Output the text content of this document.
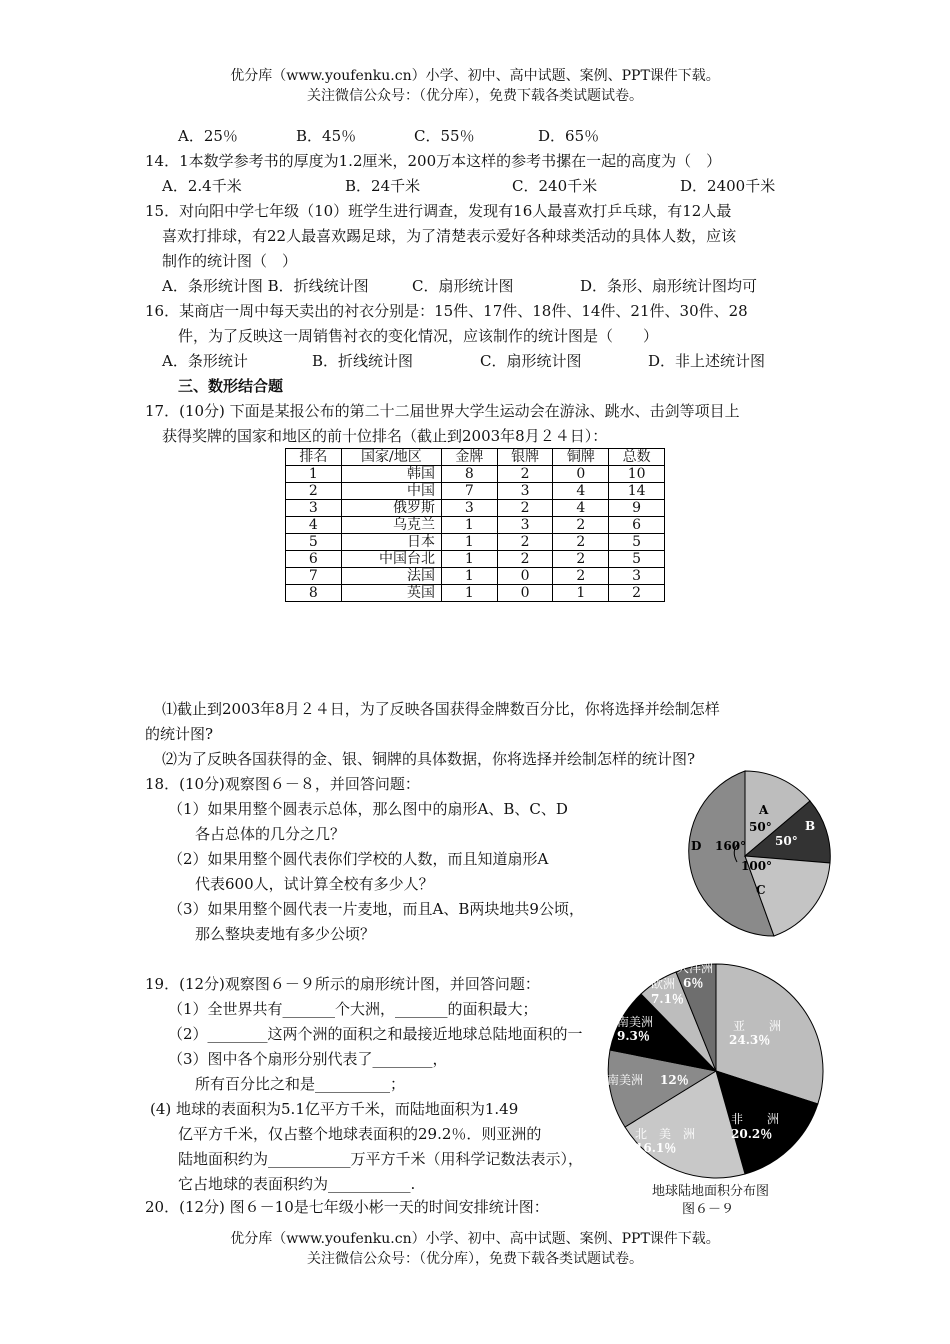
优分库（www.youfenku.cn）小学、初中、高中试题、案例、PPT课件下载。
关注微信公众号：（优分库），免费下载各类试题试卷。
A．25％	B．45％	C．55％	D．65％
14．1本数学参考书的厚度为1.2厘米，200万本这样的参考书摞在一起的高度为（　）
A．2.4千米	B．24千米	C．240千米	D．2400千米
15．对向阳中学七年级（10）班学生进行调查，发现有16人最喜欢打乒乓球，有12人最
喜欢打排球，有22人最喜欢踢足球，为了清楚表示爱好各种球类活动的具体人数，应该
制作的统计图（　）
A．条形统计图 B．折线统计图	C．扇形统计图	D．条形、扇形统计图均可
16．某商店一周中每天卖出的衬衣分别是：15件、17件、18件、14件、21件、30件、28
件，为了反映这一周销售衬衣的变化情况，应该制作的统计图是（　　）
A．条形统计	B．折线统计图	C．扇形统计图	D．非上述统计图
三、数形结合题
17．(10分) 下面是某报公布的第二十二届世界大学生运动会在游泳、跳水、击剑等项目上
获得奖牌的国家和地区的前十位排名（截止到2003年8月２４日）：
排名	国家/地区	金牌	银牌	铜牌	总数
1	韩国	8	2	0	10
2	中国	7	3	4	14
3	俄罗斯	3	2	4	9
4	乌克兰	1	3	2	6
5	日本	1	2	2	5
6	中国台北	1	2	2	5
7	法国	1	0	2	3
8	英国	1	0	1	2
⑴截止到2003年8月２４日，为了反映各国获得金牌数百分比，你将选择并绘制怎样
的统计图?
⑵为了反映各国获得的金、银、铜牌的具体数据，你将选择并绘制怎样的统计图?
18．(10分)观察图６－８，并回答问题：
（1）如果用整个圆表示总体，那么图中的扇形A、B、C、D
各占总体的几分之几？
（2）如果用整个圆代表你们学校的人数，而且知道扇形A
代表600人，试计算全校有多少人？
（3）如果用整个圆代表一片麦地，而且A、B两块地共9公顷，
那么整块麦地有多少公顷？
A
B
C
D
50°
50°
100°
160°
19．(12分)观察图６－９所示的扇形统计图，并回答问题：
（1）全世界共有_______个大洲，_______的面积最大；
（2）________这两个洲的面积之和最接近地球总陆地面积的一
（3）图中各个扇形分别代表了________，
所有百分比之和是__________；
(4) 地球的表面积为5.1亿平方千米，而陆地面积为1.49
亿平方千米，仅占整个地球表面积的29.2％．则亚洲的
陆地面积约为___________万平方千米（用科学记数法表示），
它占地球的表面积约为___________.
亚　　洲
24.3％
非　　洲
20.2％
北　美　洲
16.1％
南美洲 12％
南美洲
9.3％
欧洲
7.1％
大洋洲
6％
地球陆地面积分布图
图６－９
20．(12分) 图６－10是七年级小彬一天的时间安排统计图：
优分库（www.youfenku.cn）小学、初中、高中试题、案例、PPT课件下载。
关注微信公众号：（优分库），免费下载各类试题试卷。
